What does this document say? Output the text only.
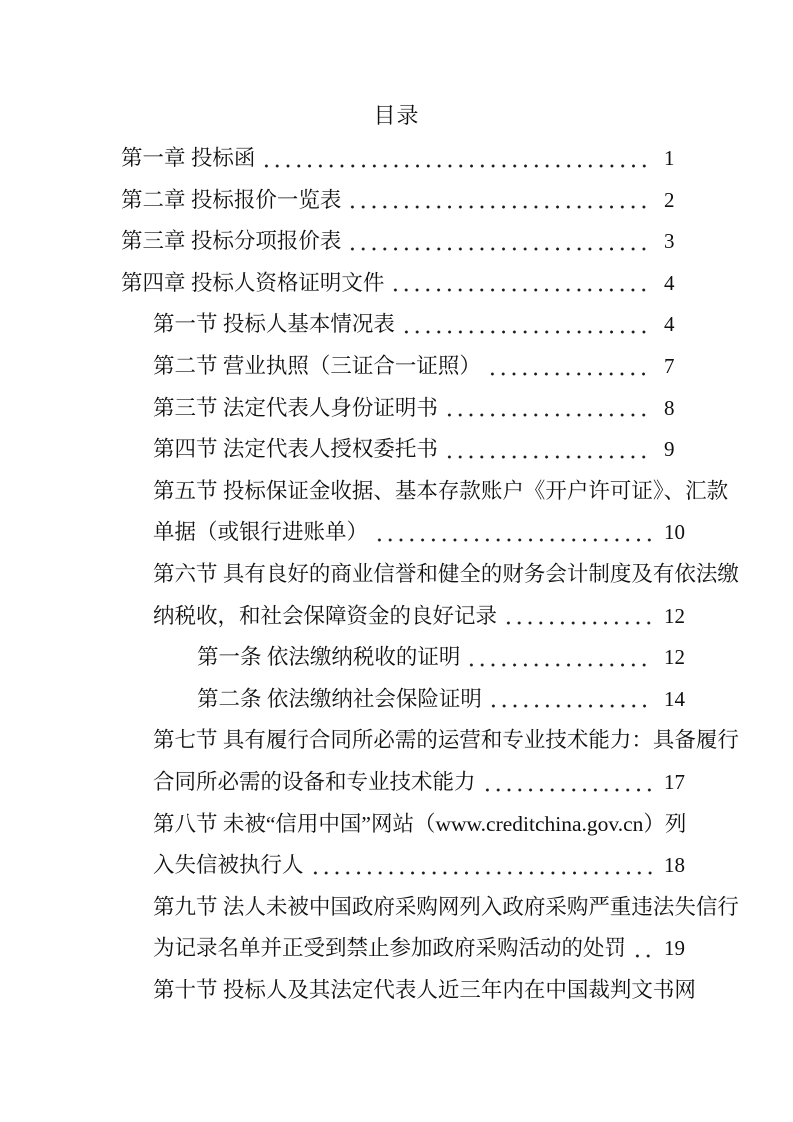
目录
第一章 投标函	1
第二章 投标报价一览表	2
第三章 投标分项报价表	3
第四章 投标人资格证明文件	4
第一节 投标人基本情况表	4
第二节 营业执照（三证合一证照）	7
第三节 法定代表人身份证明书	8
第四节 法定代表人授权委托书	9
第五节 投标保证金收据、基本存款账户《开户许可证》、汇款
单据（或银行进账单）	10
第六节 具有良好的商业信誉和健全的财务会计制度及有依法缴
纳税收，和社会保障资金的良好记录	12
第一条 依法缴纳税收的证明	12
第二条 依法缴纳社会保险证明	14
第七节 具有履行合同所必需的运营和专业技术能力：具备履行
合同所必需的设备和专业技术能力	17
第八节 未被“信用中国”网站（www.creditchina.gov.cn）列
入失信被执行人	18
第九节 法人未被中国政府采购网列入政府采购严重违法失信行
为记录名单并正受到禁止参加政府采购活动的处罚 19
第十节 投标人及其法定代表人近三年内在中国裁判文书网
